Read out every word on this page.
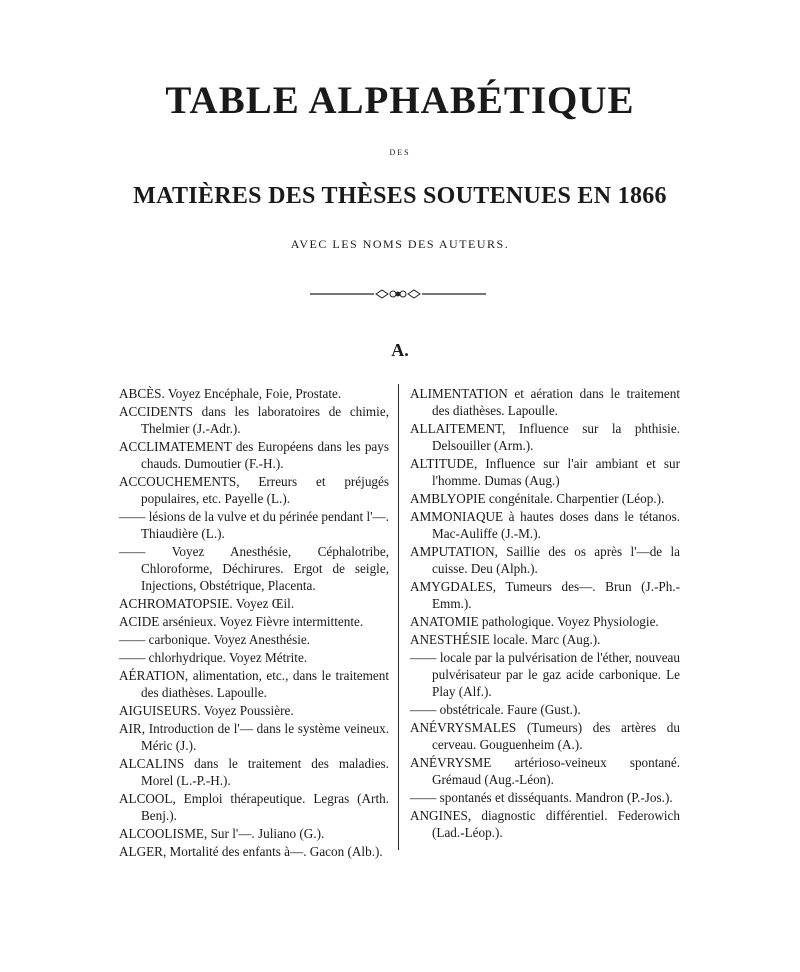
TABLE ALPHABÉTIQUE
DES
MATIÈRES DES THÈSES SOUTENUES EN 1866
AVEC LES NOMS DES AUTEURS.
A.
ABCÈS. Voyez Encéphale, Foie, Prostate.
ACCIDENTS dans les laboratoires de chimie, Thelmier (J.-Adr.).
ACCLIMATEMENT des Européens dans les pays chauds. Dumoutier (F.-H.).
ACCOUCHEMENTS, Erreurs et préjugés populaires, etc. Payelle (L.).
—— lésions de la vulve et du périnée pendant l'—. Thiaudière (L.).
—— Voyez Anesthésie, Céphalotribe, Chloroforme, Déchirures. Ergot de seigle, Injections, Obstétrique, Placenta.
ACHROMATOPSIE. Voyez Œil.
ACIDE arsénieux. Voyez Fièvre intermittente.
—— carbonique. Voyez Anesthésie.
—— chlorhydrique. Voyez Métrite.
AÉRATION, alimentation, etc., dans le traitement des diathèses. Lapoulle.
AIGUISEURS. Voyez Poussière.
AIR, Introduction de l'— dans le système veineux. Méric (J.).
ALCALINS dans le traitement des maladies. Morel (L.-P.-H.).
ALCOOL, Emploi thérapeutique. Legras (Arth. Benj.).
ALCOOLISME, Sur l'—. Juliano (G.).
ALGER, Mortalité des enfants à—. Gacon (Alb.).
ALIMENTATION et aération dans le traitement des diathèses. Lapoulle.
ALLAITEMENT, Influence sur la phthisie. Delsouiller (Arm.).
ALTITUDE, Influence sur l'air ambiant et sur l'homme. Dumas (Aug.)
AMBLYOPIE congénitale. Charpentier (Léop.).
AMMONIAQUE à hautes doses dans le tétanos. Mac-Auliffe (J.-M.).
AMPUTATION, Saillie des os après l'—de la cuisse. Deu (Alph.).
AMYGDALES, Tumeurs des—. Brun (J.-Ph.-Emm.).
ANATOMIE pathologique. Voyez Physiologie.
ANESTHÉSIE locale. Marc (Aug.).
—— locale par la pulvérisation de l'éther, nouveau pulvérisateur par le gaz acide carbonique. Le Play (Alf.).
—— obstétricale. Faure (Gust.).
ANÉVRYSMALES (Tumeurs) des artères du cerveau. Gouguenheim (A.).
ANÉVRYSME artérioso-veineux spontané. Grémaud (Aug.-Léon).
—— spontanés et disséquants. Mandron (P.-Jos.).
ANGINES, diagnostic différentiel. Federowich (Lad.-Léop.).
